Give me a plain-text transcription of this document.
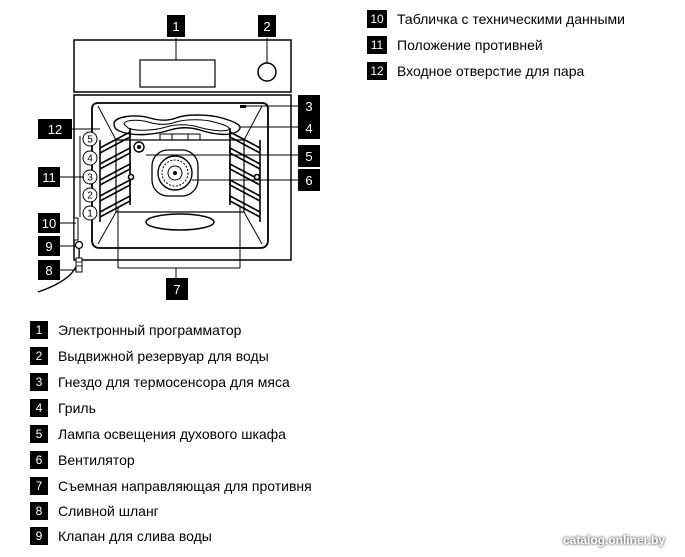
5
4
3
2
1
1	2
3
4
5
6
7
8
9
10
11
12
10 Табличка с техническими данными
11 Положение противней
12 Входное отверстие для пара
1	Электронный программатор
2	Выдвижной резервуар для воды
3	Гнездо для термосенсора для мяса
4	Гриль
5	Лампа освещения духового шкафа
6	Вентилятор
7	Съемная направляющая для противня
8	Сливной шланг
9	Клапан для слива воды	catalog.onliner.by
